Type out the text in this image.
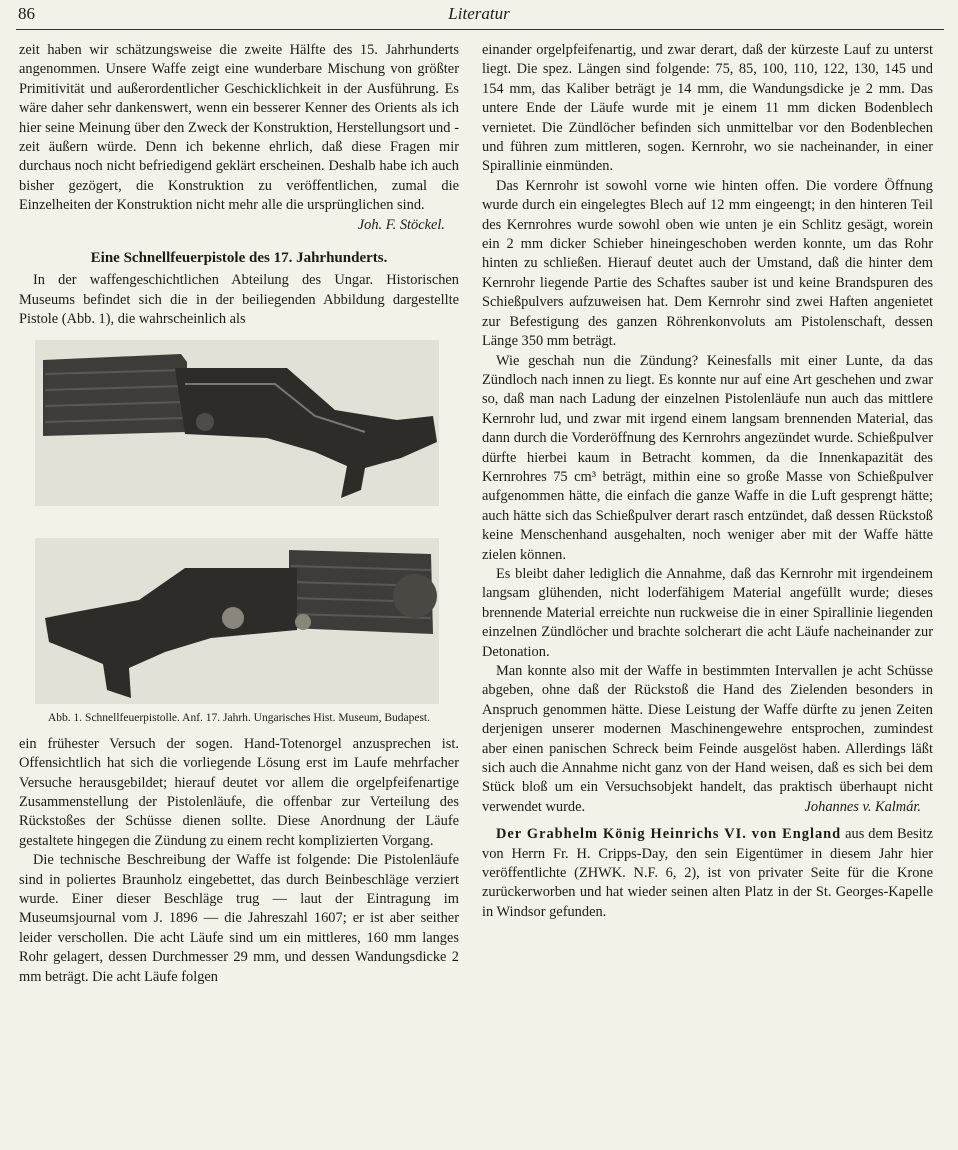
86	Literatur

zeit haben wir schätzungsweise die zweite Hälfte des 15. Jahrhunderts angenommen. Unsere Waffe zeigt eine wunderbare Mischung von größter Primitivität und außerordentlicher Geschicklichkeit in der Ausführung. Es wäre daher sehr dankenswert, wenn ein besserer Kenner des Orients als ich hier seine Meinung über den Zweck der Konstruktion, Herstellungsort und -zeit äußern würde. Denn ich bekenne ehrlich, daß diese Fragen mir durchaus noch nicht befriedigend geklärt erscheinen. Deshalb habe ich auch bisher gezögert, die Konstruktion zu veröffentlichen, zumal die Einzelheiten der Konstruktion nicht mehr alle die ursprünglichen sind.
Joh. F. Stöckel.

Eine Schnellfeuerpistole des 17. Jahrhunderts.

In der waffengeschichtlichen Abteilung des Ungar. Historischen Museums befindet sich die in der beiliegenden Abbildung dargestellte Pistole (Abb. 1), die wahrscheinlich als

Abb. 1. Schnellfeuerpistolle. Anf. 17. Jahrh. Ungarisches Hist. Museum, Budapest.

ein frühester Versuch der sogen. Hand-Totenorgel anzusprechen ist. Offensichtlich hat sich die vorliegende Lösung erst im Laufe mehrfacher Versuche herausgebildet; hierauf deutet vor allem die orgelpfeifenartige Zusammenstellung der Pistolenläufe, die offenbar zur Verteilung des Rückstoßes der Schüsse dienen sollte. Diese Anordnung der Läufe gestaltete hingegen die Zündung zu einem recht komplizierten Vorgang.

Die technische Beschreibung der Waffe ist folgende: Die Pistolenläufe sind in poliertes Braunholz eingebettet, das durch Beinbeschläge verziert wurde. Einer dieser Beschläge trug — laut der Eintragung im Museumsjournal vom J. 1896 — die Jahreszahl 1607; er ist aber seither leider verschollen. Die acht Läufe sind um ein mittleres, 160 mm langes Rohr gelagert, dessen Durchmesser 29 mm, und dessen Wandungsdicke 2 mm beträgt. Die acht Läufe folgen

einander orgelpfeifenartig, und zwar derart, daß der kürzeste Lauf zu unterst liegt. Die spez. Längen sind folgende: 75, 85, 100, 110, 122, 130, 145 und 154 mm, das Kaliber beträgt je 14 mm, die Wandungsdicke je 2 mm. Das untere Ende der Läufe wurde mit je einem 11 mm dicken Bodenblech vernietet. Die Zündlöcher befinden sich unmittelbar vor den Bodenblechen und führen zum mittleren, sogen. Kernrohr, wo sie nacheinander, in einer Spirallinie einmünden.

Das Kernrohr ist sowohl vorne wie hinten offen. Die vordere Öffnung wurde durch ein eingelegtes Blech auf 12 mm eingeengt; in den hinteren Teil des Kernrohres wurde sowohl oben wie unten je ein Schlitz gesägt, worein ein 2 mm dicker Schieber hineingeschoben werden konnte, um das Rohr hinten zu schließen. Hierauf deutet auch der Umstand, daß die hinter dem Kernrohr liegende Partie des Schaftes sauber ist und keine Brandspuren des Schießpulvers aufzuweisen hat. Dem Kernrohr sind zwei Haften angenietet zur Befestigung des ganzen Röhrenkonvoluts am Pistolenschaft, dessen Länge 350 mm beträgt.

Wie geschah nun die Zündung? Keinesfalls mit einer Lunte, da das Zündloch nach innen zu liegt. Es konnte nur auf eine Art geschehen und zwar so, daß man nach Ladung der einzelnen Pistolenläufe nun auch das mittlere Kernrohr lud, und zwar mit irgend einem langsam brennenden Material, das dann durch die Vorderöffnung des Kernrohrs angezündet wurde. Schießpulver dürfte hierbei kaum in Betracht kommen, da die Innenkapazität des Kernrohres 75 cm³ beträgt, mithin eine so große Masse von Schießpulver aufgenommen hätte, die einfach die ganze Waffe in die Luft gesprengt hätte; auch hätte sich das Schießpulver derart rasch entzündet, daß dessen Rückstoß keine Menschenhand ausgehalten, noch weniger aber mit der Waffe hätte zielen können.

Es bleibt daher lediglich die Annahme, daß das Kernrohr mit irgendeinem langsam glühenden, nicht loderfähigem Material angefüllt wurde; dieses brennende Material erreichte nun ruckweise die in einer Spirallinie liegenden einzelnen Zündlöcher und brachte solcherart die acht Läufe nacheinander zur Detonation.

Man konnte also mit der Waffe in bestimmten Intervallen je acht Schüsse abgeben, ohne daß der Rückstoß die Hand des Zielenden besonders in Anspruch genommen hätte. Diese Leistung der Waffe dürfte zu jenen Zeiten derjenigen unserer modernen Maschinengewehre entsprochen, zumindest aber einen panischen Schreck beim Feinde ausgelöst haben. Allerdings läßt sich auch die Annahme nicht ganz von der Hand weisen, daß es sich bei dem Stück bloß um ein Versuchsobjekt handelt, das praktisch überhaupt nicht verwendet wurde.	Johannes v. Kalmár.

Der Grabhelm König Heinrichs VI. von England aus dem Besitz von Herrn Fr. H. Cripps-Day, den sein Eigentümer in diesem Jahr hier veröffentlichte (ZHWK. N.F. 6, 2), ist von privater Seite für die Krone zurückerworben und hat wieder seinen alten Platz in der St. Georges-Kapelle in Windsor gefunden.
